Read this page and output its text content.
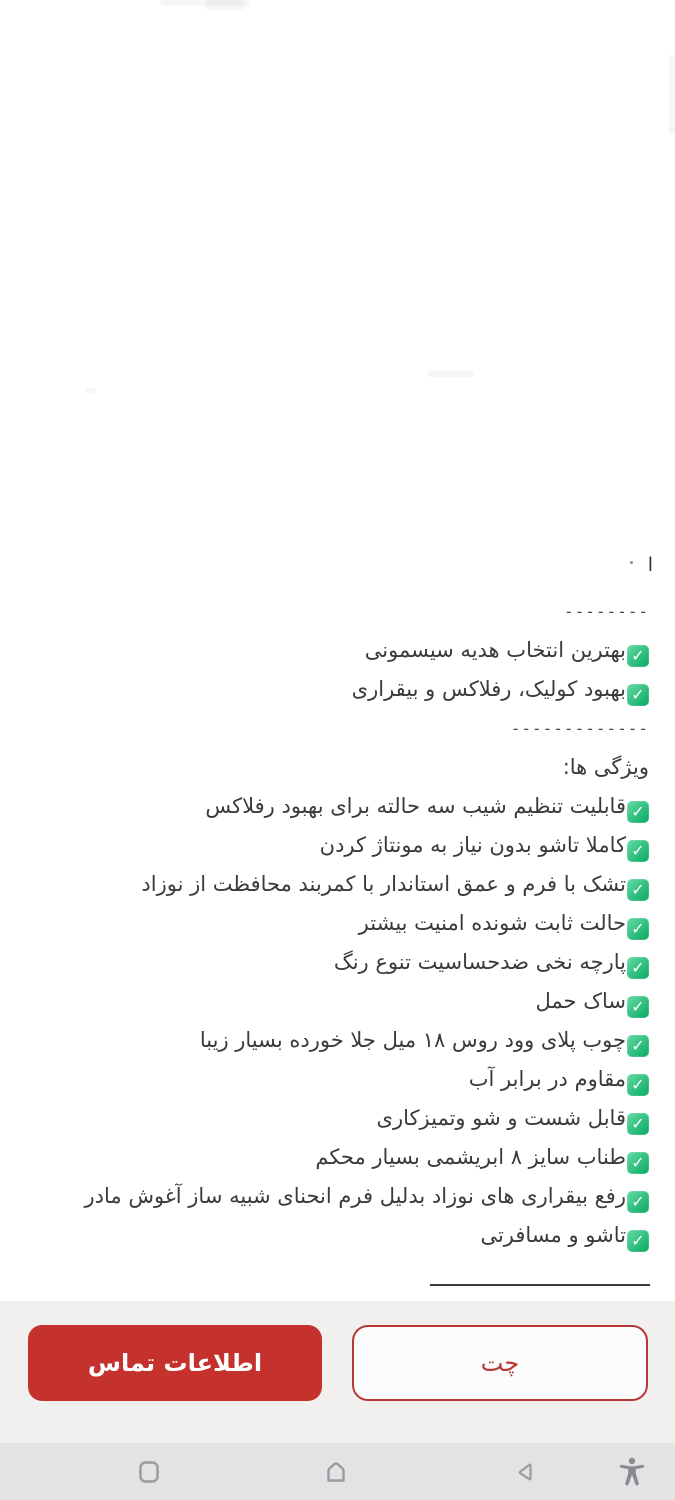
ا
--------
✓بهترین انتخاب هدیه سیسمونی
✓بهبود کولیک، رفلاکس و بیقراری
-------------
ویژگی ها:
✓قابلیت تنظیم شیب سه حالته برای بهبود رفلاکس
✓کاملا تاشو بدون نیاز به مونتاژ کردن
✓تشک با فرم و عمق استاندار با کمربند محافظت از نوزاد
✓حالت ثابت شونده امنیت بیشتر
✓پارچه نخی ضدحساسیت تنوع رنگ
✓ساک حمل
✓چوب پلای وود روس ۱۸ میل جلا خورده بسیار زیبا
✓مقاوم در برابر آب
✓قابل شست و شو وتمیزکاری
✓طناب سایز ۸ ابریشمی بسیار محکم
✓رفع بیقراری های نوزاد بدلیل فرم انحنای شبیه ساز آغوش مادر
✓تاشو و مسافرتی
اطلاعات تماس	چت
